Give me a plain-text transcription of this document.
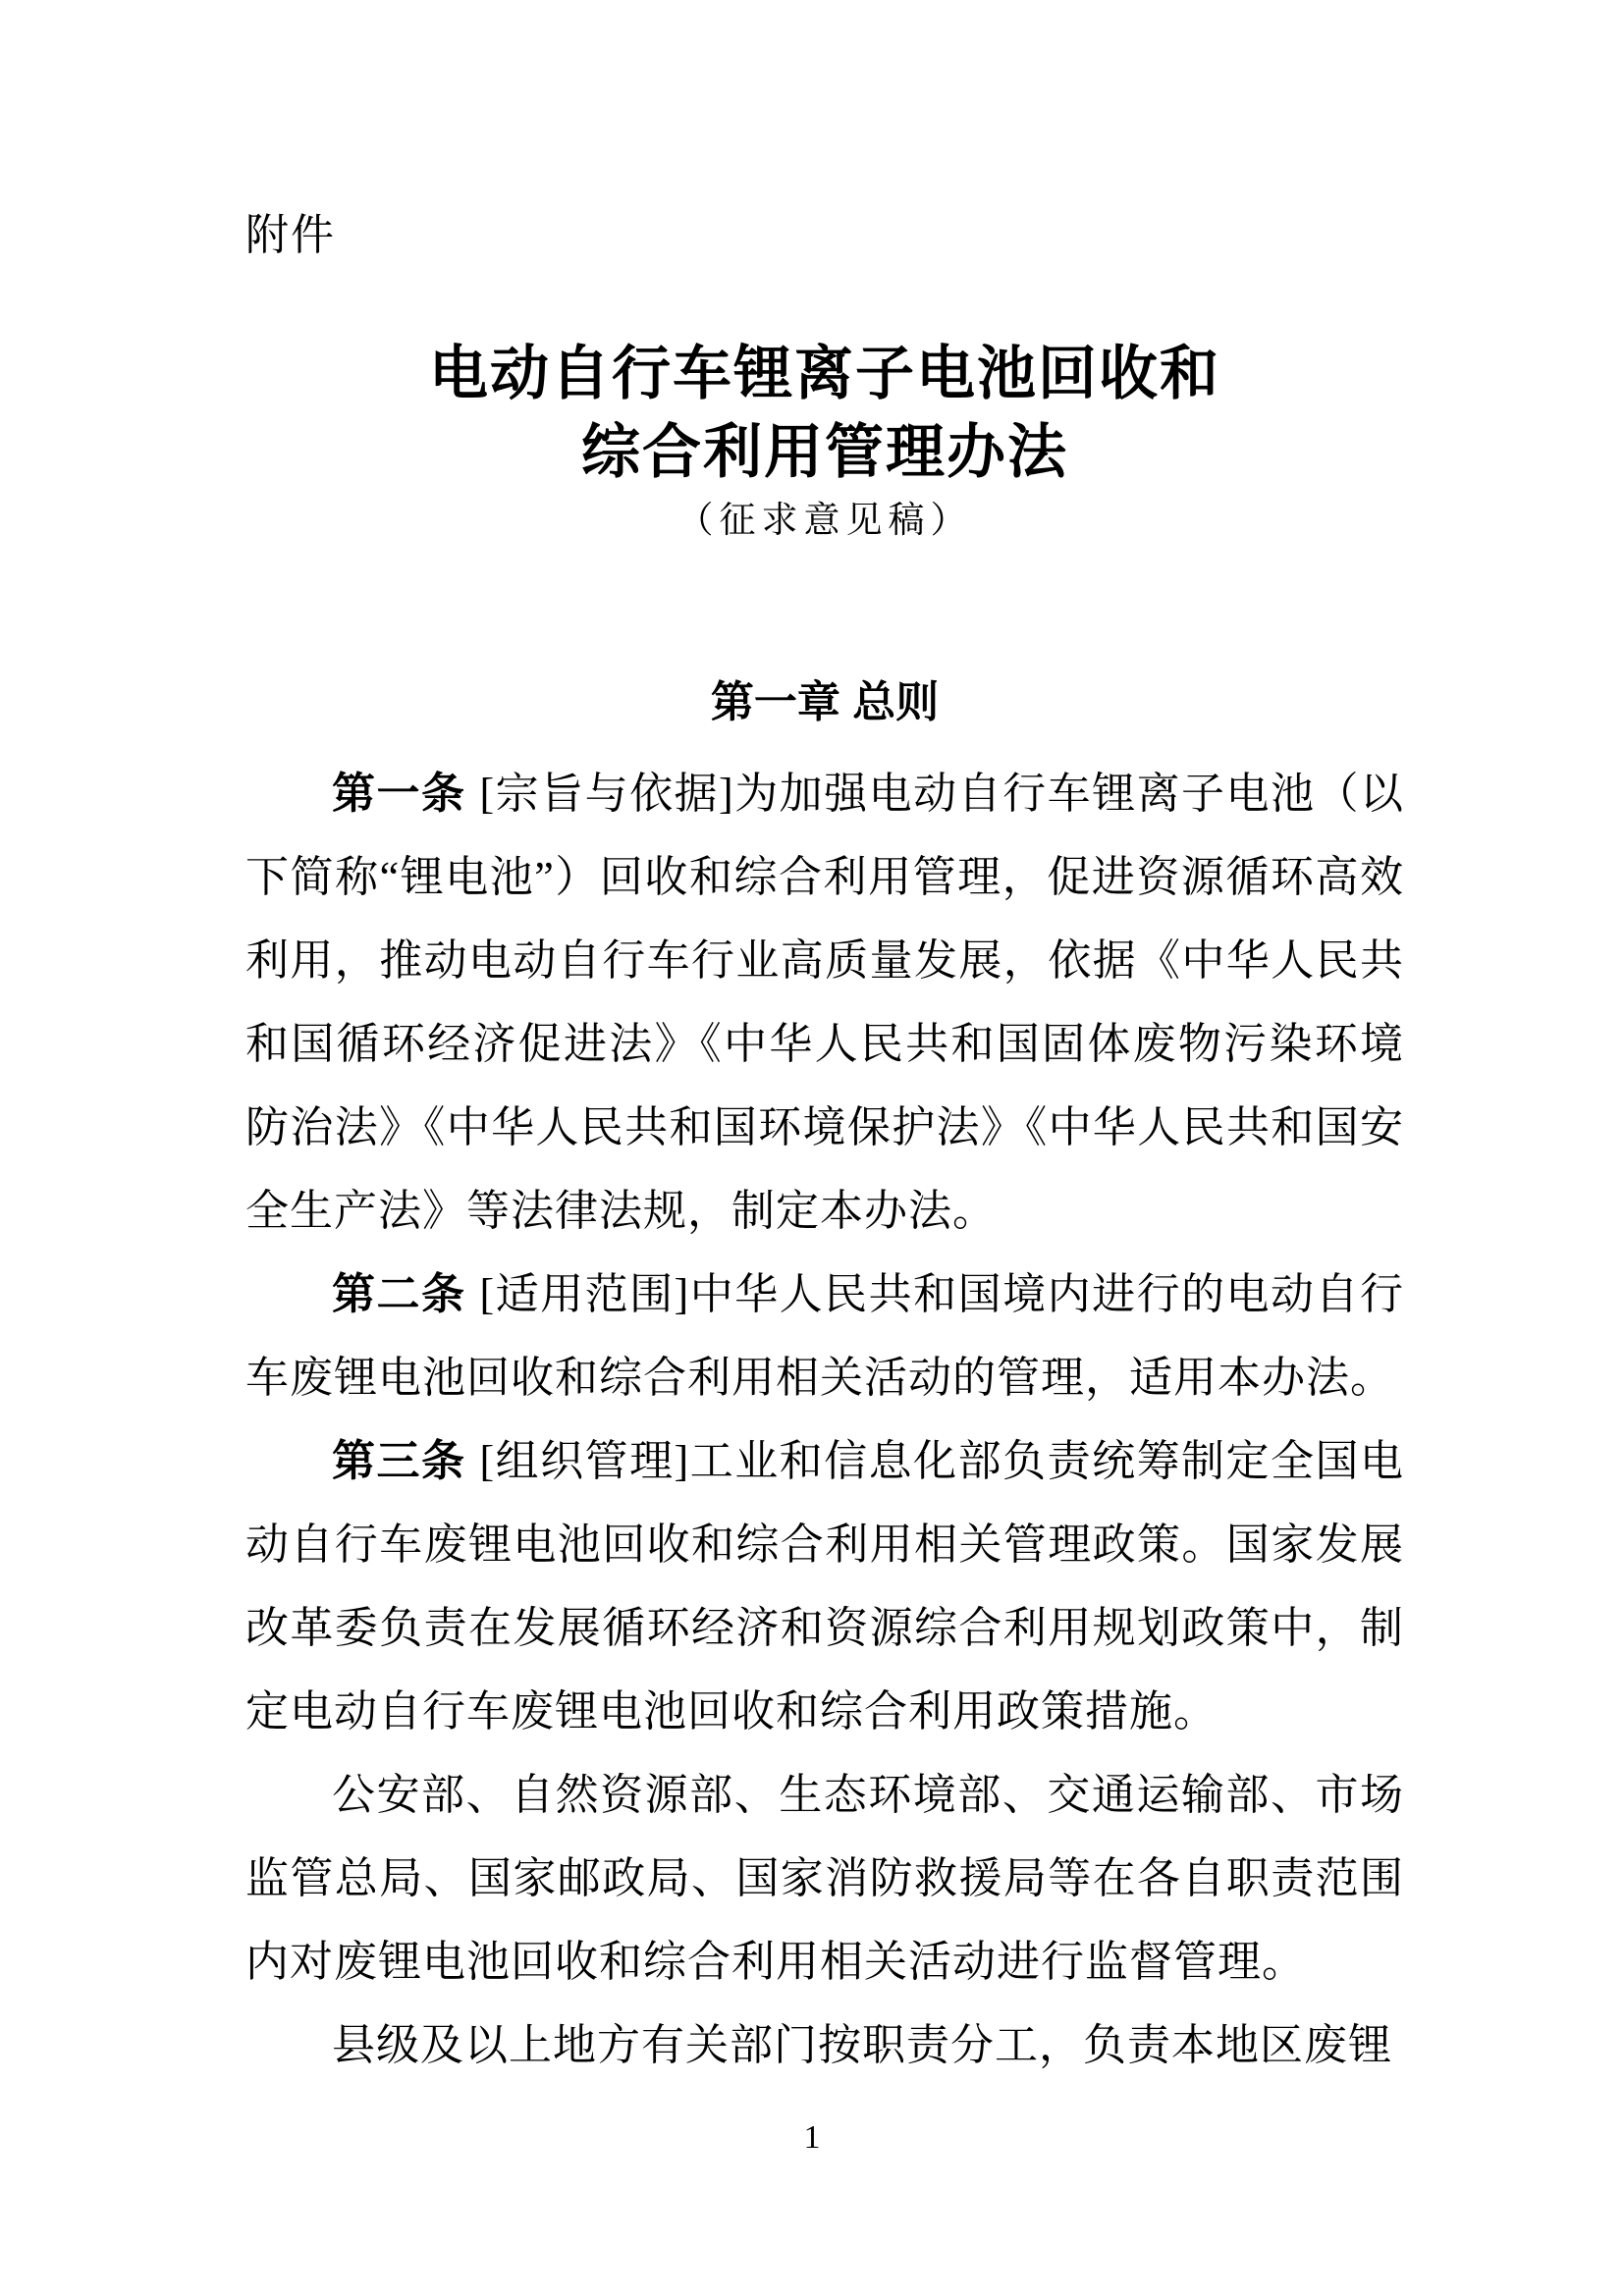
附件
电动自行车锂离子电池回收和
综合利用管理办法
（征求意见稿）
第一章 总则

第一条 [宗旨与依据]为加强电动自行车锂离子电池（以下简称“锂电池”）回收和综合利用管理，促进资源循环高效利用，推动电动自行车行业高质量发展，依据《中华人民共和国循环经济促进法》《中华人民共和国固体废物污染环境防治法》《中华人民共和国环境保护法》《中华人民共和国安全生产法》等法律法规，制定本办法。

第二条 [适用范围]中华人民共和国境内进行的电动自行车废锂电池回收和综合利用相关活动的管理，适用本办法。

第三条 [组织管理]工业和信息化部负责统筹制定全国电动自行车废锂电池回收和综合利用相关管理政策。国家发展改革委负责在发展循环经济和资源综合利用规划政策中，制定电动自行车废锂电池回收和综合利用政策措施。

公安部、自然资源部、生态环境部、交通运输部、市场监管总局、国家邮政局、国家消防救援局等在各自职责范围内对废锂电池回收和综合利用相关活动进行监督管理。

县级及以上地方有关部门按职责分工，负责本地区废锂

1
